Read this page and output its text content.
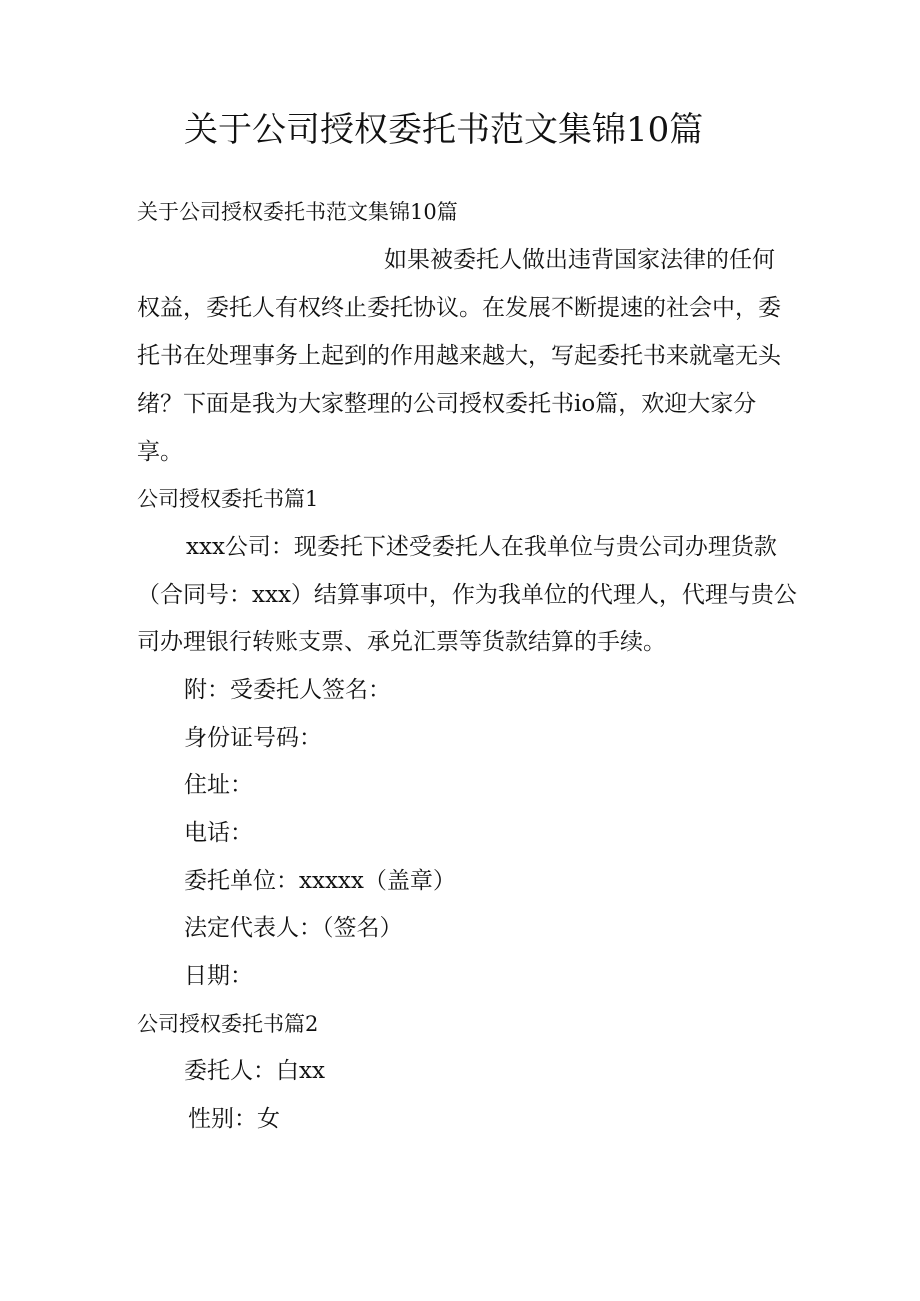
关于公司授权委托书范文集锦10篇
关于公司授权委托书范文集锦10篇
如果被委托人做出违背国家法律的任何
权益，委托人有权终止委托协议。在发展不断提速的社会中，委
托书在处理事务上起到的作用越来越大，写起委托书来就毫无头
绪？下面是我为大家整理的公司授权委托书io篇，欢迎大家分
享。
公司授权委托书篇1
xxx公司：现委托下述受委托人在我单位与贵公司办理货款
（合同号：xxx）结算事项中，作为我单位的代理人，代理与贵公
司办理银行转账支票、承兑汇票等货款结算的手续。
附：受委托人签名：
身份证号码：
住址：
电话：
委托单位：xxxxx（盖章）
法定代表人：（签名）
日期：
公司授权委托书篇2
委托人：白xx
性别：女
